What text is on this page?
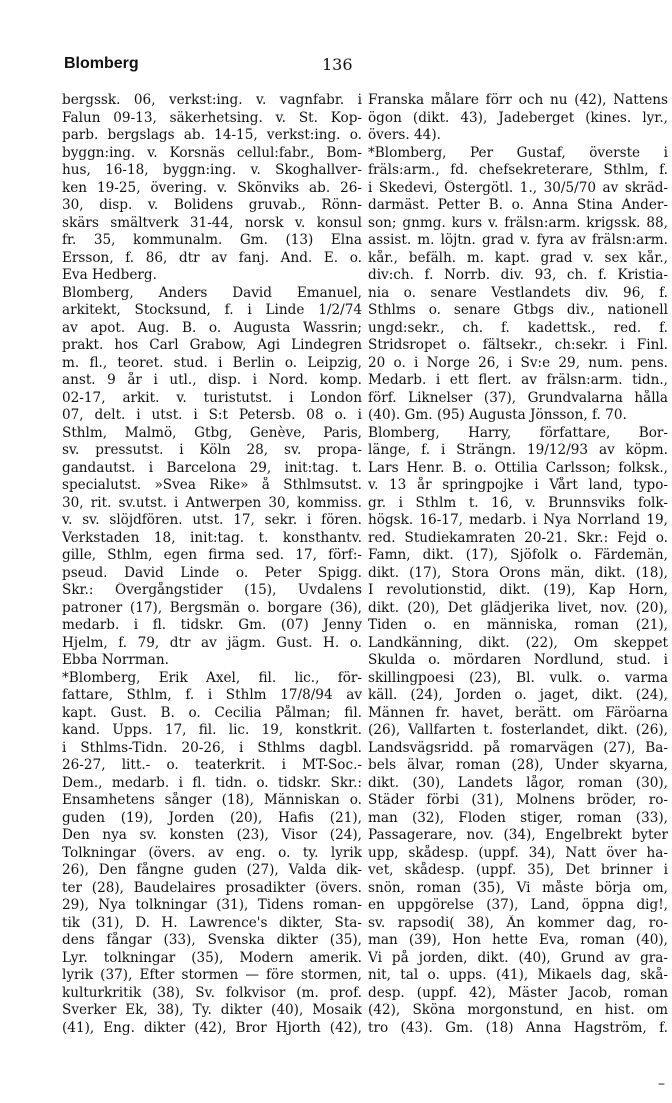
Blomberg	136
bergssk. 06, verkst:ing. v. vagnfabr. i
Falun 09-13, säkerhetsing. v. St. Kop-
parb. bergslags ab. 14-15, verkst:ing. o.
byggn:ing. v. Korsnäs cellul:fabr., Bom-
hus, 16-18, byggn:ing. v. Skoghallver-
ken 19-25, övering. v. Skönviks ab. 26-
30, disp. v. Bolidens gruvab., Rönn-
skärs smältverk 31-44, norsk v. konsul
fr. 35, kommunalm. Gm. (13) Elna
Ersson, f. 86, dtr av fanj. And. E. o.
Eva Hedberg.
Blomberg, Anders David Emanuel,
arkitekt, Stocksund, f. i Linde 1/2/74
av apot. Aug. B. o. Augusta Wassrin;
prakt. hos Carl Grabow, Agi Lindegren
m. fl., teoret. stud. i Berlin o. Leipzig,
anst. 9 år i utl., disp. i Nord. komp.
02-17, arkit. v. turistutst. i London
07, delt. i utst. i S:t Petersb. 08 o. i
Sthlm, Malmö, Gtbg, Genève, Paris,
sv. pressutst. i Köln 28, sv. propa-
gandautst. i Barcelona 29, init:tag. t.
specialutst. »Svea Rike» å Sthlmsutst.
30, rit. sv.utst. i Antwerpen 30, kommiss.
v. sv. slöjdfören. utst. 17, sekr. i fören.
Verkstaden 18, init:tag. t. konsthantv.
gille, Sthlm, egen firma sed. 17, förf:-
pseud. David Linde o. Peter Spigg.
Skr.: Övergångstider (15), Uvdalens
patroner (17), Bergsmän o. borgare (36),
medarb. i fl. tidskr. Gm. (07) Jenny
Hjelm, f. 79, dtr av jägm. Gust. H. o.
Ebba Norrman.
*Blomberg, Erik Axel, fil. lic., för-
fattare, Sthlm, f. i Sthlm 17/8/94 av
kapt. Gust. B. o. Cecilia Pålman; fil.
kand. Upps. 17, fil. lic. 19, konstkrit.
i Sthlms-Tidn. 20-26, i Sthlms dagbl.
26-27, litt.- o. teaterkrit. i MT-Soc.-
Dem., medarb. i fl. tidn. o. tidskr. Skr.:
Ensamhetens sånger (18), Människan o.
guden (19), Jorden (20), Hafis (21),
Den nya sv. konsten (23), Visor (24),
Tolkningar (övers. av eng. o. ty. lyrik
26), Den fångne guden (27), Valda dik-
ter (28), Baudelaires prosadikter (övers.
29), Nya tolkningar (31), Tidens roman-
tik (31), D. H. Lawrence's dikter, Sta-
dens fångar (33), Svenska dikter (35),
Lyr. tolkningar (35), Modern amerik.
lyrik (37), Efter stormen — före stormen,
kulturkritik (38), Sv. folkvisor (m. prof.
Sverker Ek, 38), Ty. dikter (40), Mosaik
(41), Eng. dikter (42), Bror Hjorth (42),
Franska målare förr och nu (42), Nattens
ögon (dikt. 43), Jadeberget (kines. lyr.,
övers. 44).
*Blomberg, Per Gustaf, överste i
fräls:arm., fd. chefsekreterare, Sthlm, f.
i Skedevi, Östergötl. 1., 30/5/70 av skräd-
darmäst. Petter B. o. Anna Stina Ander-
son; gnmg. kurs v. frälsn:arm. krigssk. 88,
assist. m. löjtn. grad v. fyra av frälsn:arm.
kår., befälh. m. kapt. grad v. sex kår.,
div:ch. f. Norrb. div. 93, ch. f. Kristia-
nia o. senare Vestlandets div. 96, f.
Sthlms o. senare Gtbgs div., nationell
ungd:sekr., ch. f. kadettsk., red. f.
Stridsropet o. fältsekr., ch:sekr. i Finl.
20 o. i Norge 26, i Sv:e 29, num. pens.
Medarb. i ett flert. av frälsn:arm. tidn.,
förf. Liknelser (37), Grundvalarna hålla
(40). Gm. (95) Augusta Jönsson, f. 70.
Blomberg, Harry, författare, Bor-
länge, f. i Strängn. 19/12/93 av köpm.
Lars Henr. B. o. Ottilia Carlsson; folksk.,
v. 13 år springpojke i Vårt land, typo-
gr. i Sthlm t. 16, v. Brunnsviks folk-
högsk. 16-17, medarb. i Nya Norrland 19,
red. Studiekamraten 20-21. Skr.: Fejd o.
Famn, dikt. (17), Sjöfolk o. Färdemän,
dikt. (17), Stora Orons män, dikt. (18),
I revolutionstid, dikt. (19), Kap Horn,
dikt. (20), Det glädjerika livet, nov. (20),
Tiden o. en människa, roman (21),
Landkänning, dikt. (22), Om skeppet
Skulda o. mördaren Nordlund, stud. i
skillingpoesi (23), Bl. vulk. o. varma
käll. (24), Jorden o. jaget, dikt. (24),
Männen fr. havet, berätt. om Färöarna
(26), Vallfarten t. fosterlandet, dikt. (26),
Landsvägsridd. på romarvägen (27), Ba-
bels älvar, roman (28), Under skyarna,
dikt. (30), Landets lågor, roman (30),
Städer förbi (31), Molnens bröder, ro-
man (32), Floden stiger, roman (33),
Passagerare, nov. (34), Engelbrekt byter
upp, skådesp. (uppf. 34), Natt över ha-
vet, skådesp. (uppf. 35), Det brinner i
snön, roman (35), Vi måste börja om,
en uppgörelse (37), Land, öppna dig!,
sv. rapsodi( 38), Än kommer dag, ro-
man (39), Hon hette Eva, roman (40),
Vi på jorden, dikt. (40), Grund av gra-
nit, tal o. upps. (41), Mikaels dag, skå-
desp. (uppf. 42), Mäster Jacob, roman
(42), Sköna morgonstund, en hist. om
tro (43). Gm. (18) Anna Hagström, f.
–
